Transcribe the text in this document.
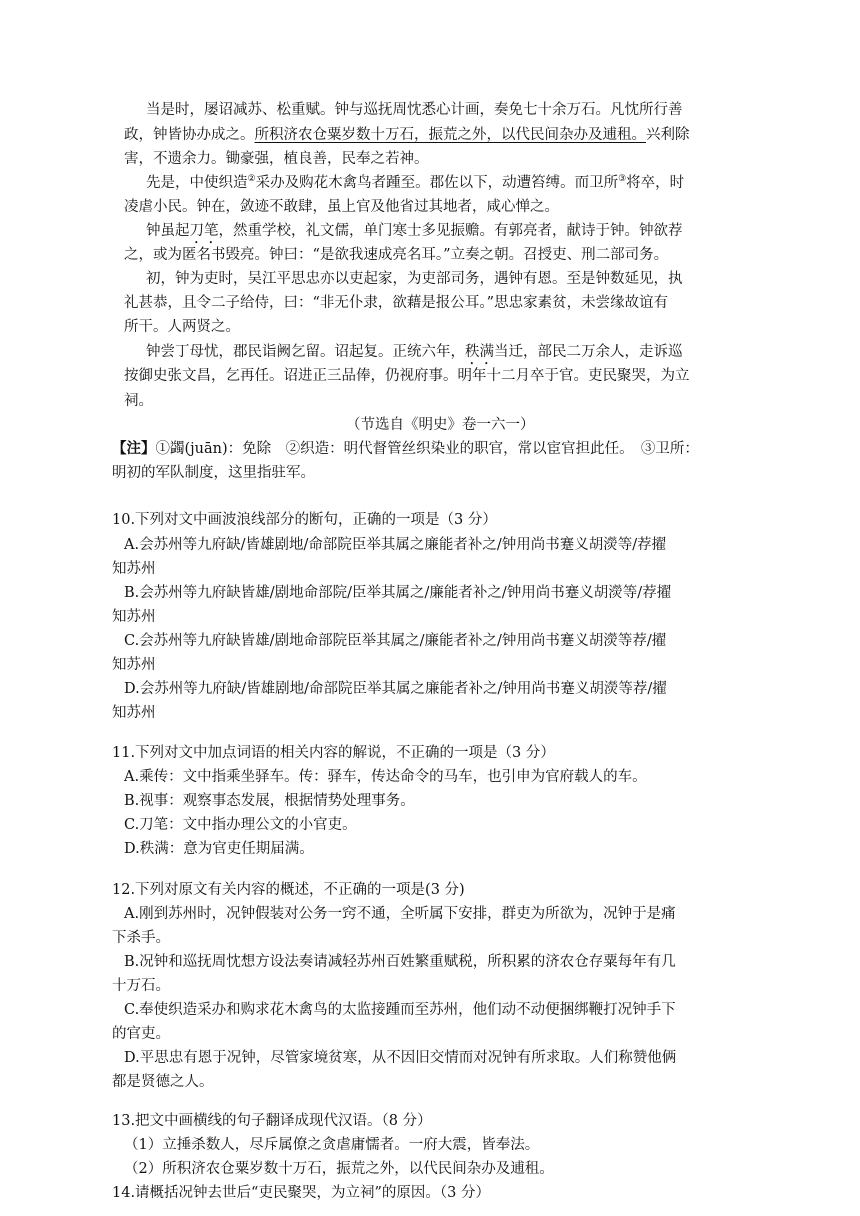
当是时，屡诏减苏、松重赋。钟与巡抚周忱悉心计画，奏免七十余万石。凡忱所行善
政，钟皆协办成之。所积济农仓粟岁数十万石，振荒之外，以代民间杂办及逋租。兴利除
害，不遗余力。锄豪强，植良善，民奉之若神。
先是，中使织造②采办及购花木禽鸟者踵至。郡佐以下，动遭笞缚。而卫所③将卒，时
凌虐小民。钟在，敛迹不敢肆，虽上官及他省过其地者，咸心惮之。
钟虽起刀笔，然重学校，礼文儒，单门寒士多见振赡。有郭亮者，献诗于钟。钟欲荐
之，或为匿名书毁亮。钟曰：“是欲我速成亮名耳。”立奏之朝。召授吏、刑二部司务。
初，钟为吏时，吴江平思忠亦以吏起家，为吏部司务，遇钟有恩。至是钟数延见，执
礼甚恭，且令二子给侍，曰：“非无仆隶，欲藉是报公耳。”思忠家素贫，未尝缘故谊有
所干。人两贤之。
钟尝丁母忧，郡民诣阙乞留。诏起复。正统六年，秩满当迁，部民二万余人，走诉巡
按御史张文昌，乞再任。诏进正三品俸，仍视府事。明年十二月卒于官。吏民聚哭，为立
祠。
（节选自《明史》卷一六一）
【注】①蠲(juān)：免除　②织造：明代督管丝织染业的职官，常以宦官担此任。　③卫所：
明初的军队制度，这里指驻军。
10.下列对文中画波浪线部分的断句，正确的一项是（3 分）
A.会苏州等九府缺/皆雄剧地/命部院臣举其属之廉能者补之/钟用尚书蹇义胡濙等/荐擢
知苏州
B.会苏州等九府缺皆雄/剧地命部院/臣举其属之/廉能者补之/钟用尚书蹇义胡濙等/荐擢
知苏州
C.会苏州等九府缺皆雄/剧地命部院臣举其属之/廉能者补之/钟用尚书蹇义胡濙等荐/擢
知苏州
D.会苏州等九府缺/皆雄剧地/命部院臣举其属之廉能者补之/钟用尚书蹇义胡濙等荐/擢
知苏州
11.下列对文中加点词语的相关内容的解说，不正确的一项是（3 分）
A.乘传：文中指乘坐驿车。传：驿车，传达命令的马车，也引申为官府载人的车。
B.视事：观察事态发展，根据情势处理事务。
C.刀笔：文中指办理公文的小官吏。
D.秩满：意为官吏任期届满。
12.下列对原文有关内容的概述，不正确的一项是(3 分)
A.刚到苏州时，况钟假装对公务一窍不通，全听属下安排，群吏为所欲为，况钟于是痛
下杀手。
B.况钟和巡抚周忱想方设法奏请减轻苏州百姓繁重赋税，所积累的济农仓存粟每年有几
十万石。
C.奉使织造采办和购求花木禽鸟的太监接踵而至苏州，他们动不动便捆绑鞭打况钟手下
的官吏。
D.平思忠有恩于况钟，尽管家境贫寒，从不因旧交情而对况钟有所求取。人们称赞他俩
都是贤德之人。
13.把文中画横线的句子翻译成现代汉语。（8 分）
（1）立捶杀数人，尽斥属僚之贪虐庸懦者。一府大震，皆奉法。
（2）所积济农仓粟岁数十万石，振荒之外，以代民间杂办及逋租。
14.请概括况钟去世后“吏民聚哭，为立祠”的原因。（3 分）
